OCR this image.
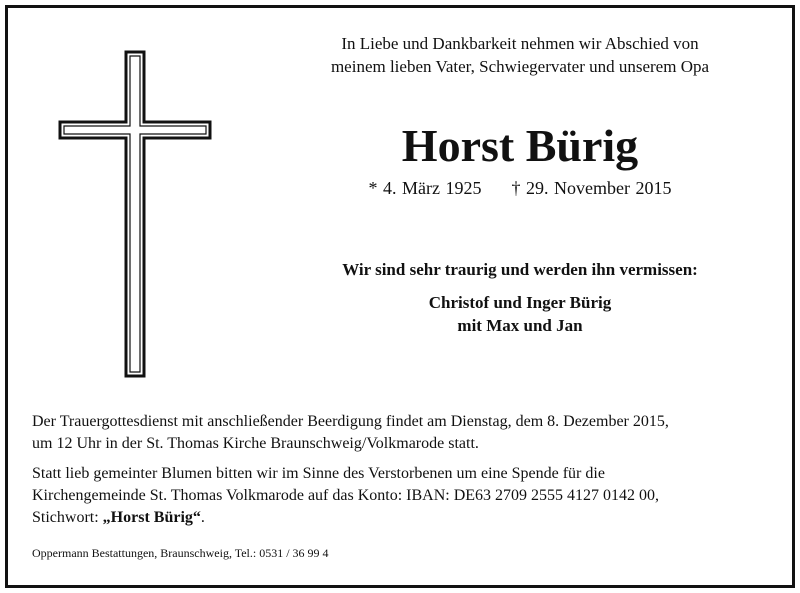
In Liebe und Dankbarkeit nehmen wir Abschied von
meinem lieben Vater, Schwiegervater und unserem Opa
Horst Bürig
* 4. März 1925 † 29. November 2015
Wir sind sehr traurig und werden ihn vermissen:
Christof und Inger Bürig
mit Max und Jan
Der Trauergottesdienst mit anschließender Beerdigung findet am Dienstag, dem 8. Dezember 2015,
um 12 Uhr in der St. Thomas Kirche Braunschweig/Volkmarode statt.
Statt lieb gemeinter Blumen bitten wir im Sinne des Verstorbenen um eine Spende für die
Kirchengemeinde St. Thomas Volkmarode auf das Konto: IBAN: DE63 2709 2555 4127 0142 00,
Stichwort: „Horst Bürig“.
Oppermann Bestattungen, Braunschweig, Tel.: 0531 / 36 99 4
